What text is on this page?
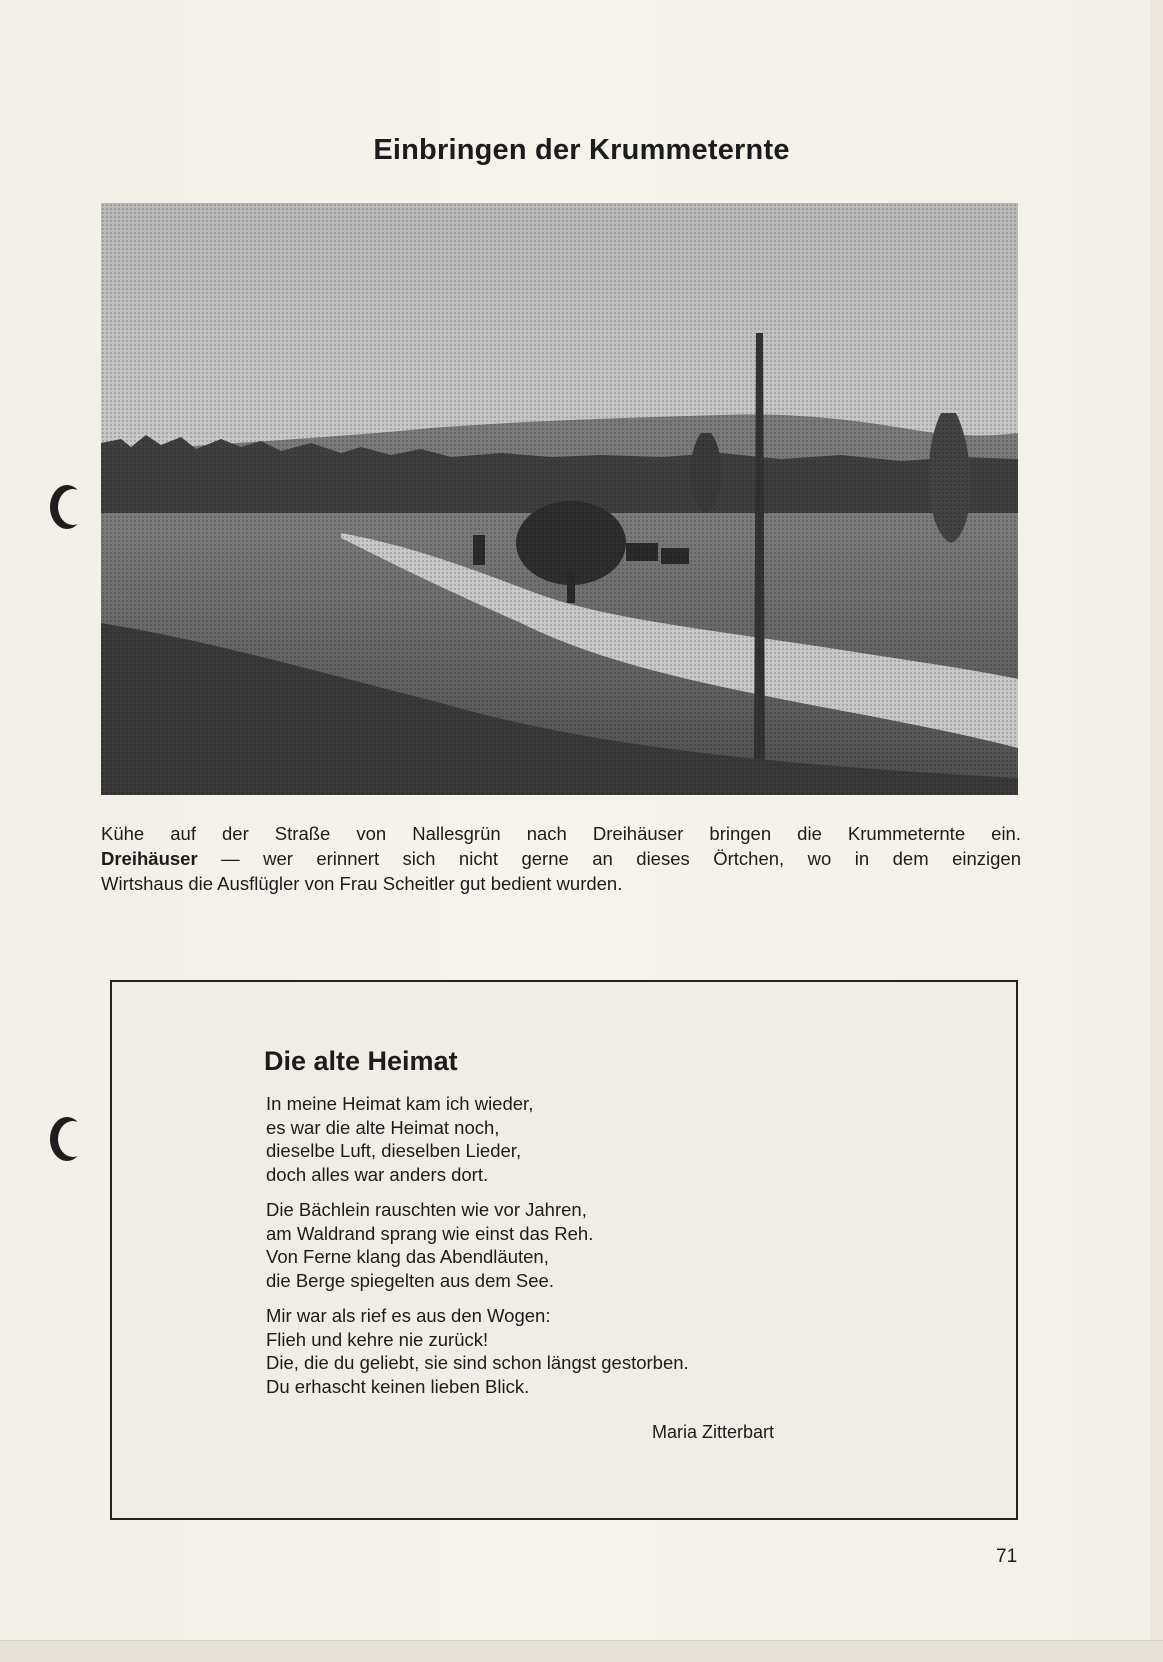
Einbringen der Krummeternte

Kühe auf der Straße von Nallesgrün nach Dreihäuser bringen die Krummeternte ein.

Dreihäuser — wer erinnert sich nicht gerne an dieses Örtchen, wo in dem einzigen

Wirtshaus die Ausflügler von Frau Scheitler gut bedient wurden.

Die alte Heimat
In meine Heimat kam ich wieder,
es war die alte Heimat noch,
dieselbe Luft, dieselben Lieder,
doch alles war anders dort.
Die Bächlein rauschten wie vor Jahren,
am Waldrand sprang wie einst das Reh.
Von Ferne klang das Abendläuten,
die Berge spiegelten aus dem See.
Mir war als rief es aus den Wogen:
Flieh und kehre nie zurück!
Die, die du geliebt, sie sind schon längst gestorben.
Du erhascht keinen lieben Blick.
Maria Zitterbart
71
